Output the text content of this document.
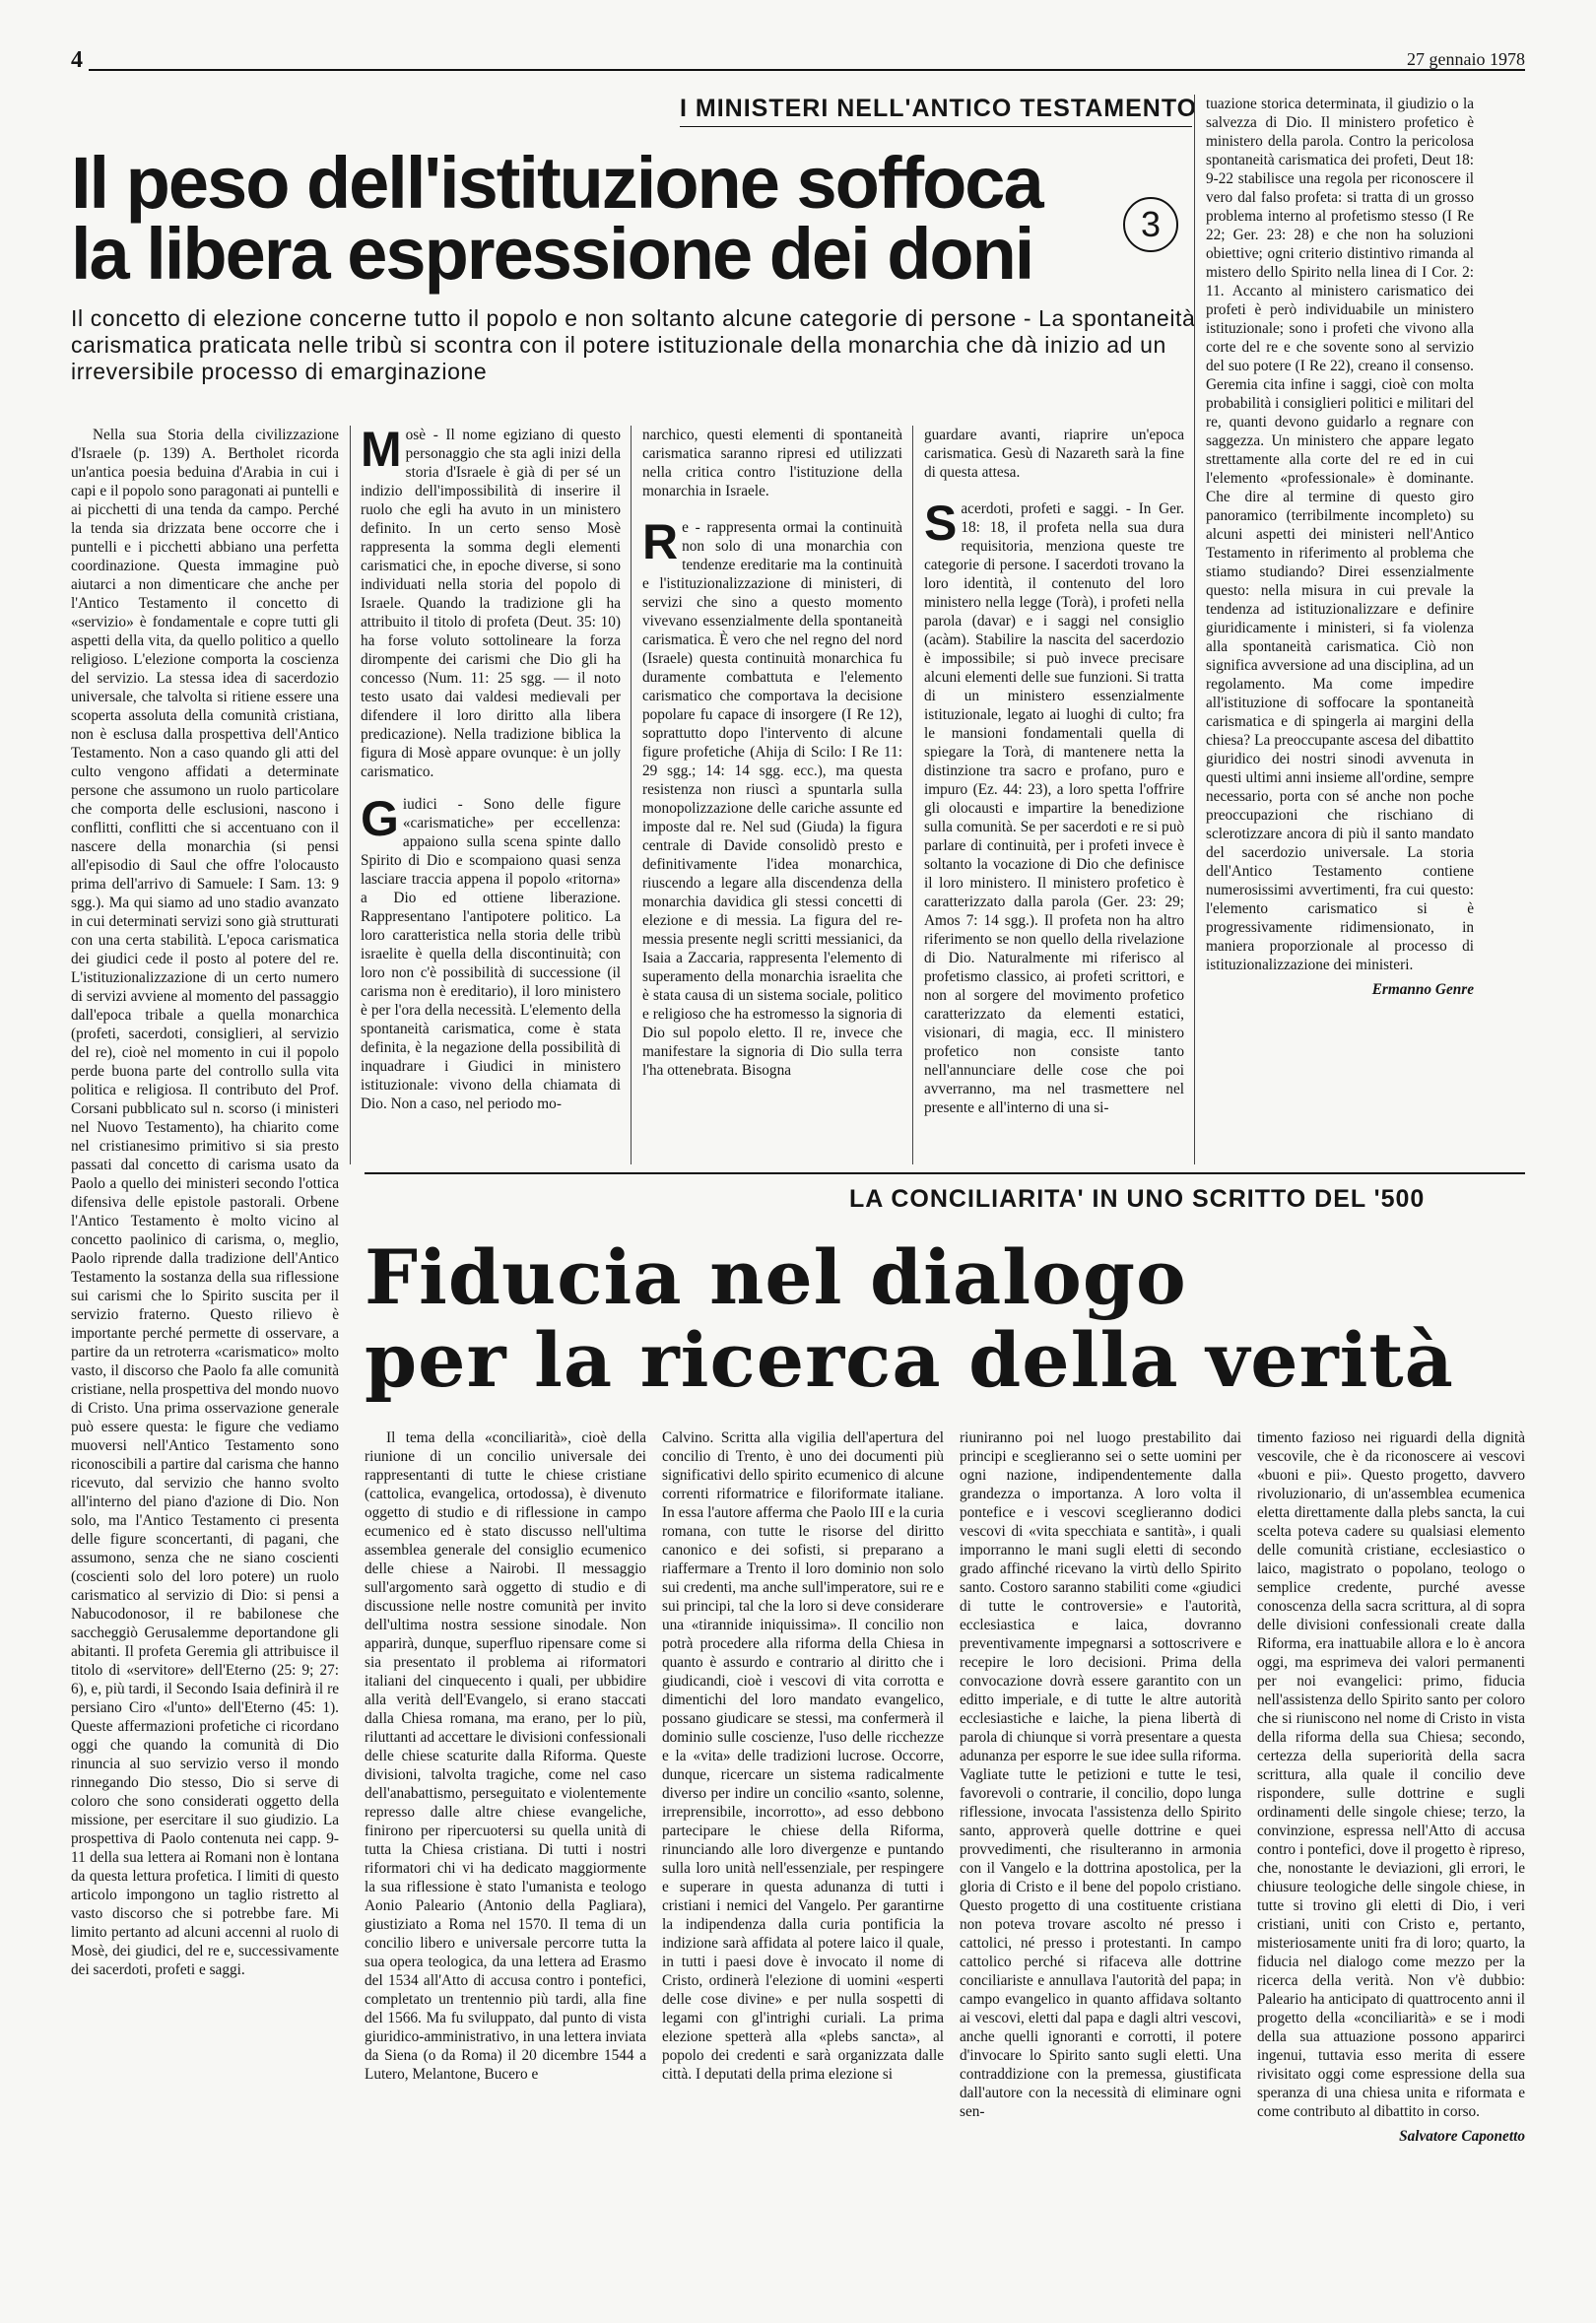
4	27 gennaio 1978
I MINISTERI NELL'ANTICO TESTAMENTO
Il peso dell'istituzione soffoca
la libera espressione dei doni	3
Il concetto di elezione concerne tutto il popolo e non soltanto alcune categorie di persone - La spontaneità carismatica praticata nelle tribù si scontra con il potere istituzionale della monarchia che dà inizio ad un irreversibile processo di emarginazione

Nella sua Storia della civilizzazione d'Israele (p. 139) A. Bertholet ricorda un'antica poesia beduina d'Arabia in cui i capi e il popolo sono paragonati ai puntelli e ai picchetti di una tenda da campo. Perché la tenda sia drizzata bene occorre che i puntelli e i picchetti abbiano una perfetta coordinazione. Questa immagine può aiutarci a non dimenticare che anche per l'Antico Testamento il concetto di «servizio» è fondamentale e copre tutti gli aspetti della vita, da quello politico a quello religioso. L'elezione comporta la coscienza del servizio. La stessa idea di sacerdozio universale, che talvolta si ritiene essere una scoperta assoluta della comunità cristiana, non è esclusa dalla prospettiva dell'Antico Testamento. Non a caso quando gli atti del culto vengono affidati a determinate persone che assumono un ruolo particolare che comporta delle esclusioni, nascono i conflitti, conflitti che si accentuano con il nascere della monarchia (si pensi all'episodio di Saul che offre l'olocausto prima dell'arrivo di Samuele: I Sam. 13: 9 sgg.). Ma qui siamo ad uno stadio avanzato in cui determinati servizi sono già strutturati con una certa stabilità. L'epoca carismatica dei giudici cede il posto al potere del re. L'istituzionalizzazione di un certo numero di servizi avviene al momento del passaggio dall'epoca tribale a quella monarchica (profeti, sacerdoti, consiglieri, al servizio del re), cioè nel momento in cui il popolo perde buona parte del controllo sulla vita politica e religiosa. Il contributo del Prof. Corsani pubblicato sul n. scorso (i ministeri nel Nuovo Testamento), ha chiarito come nel cristianesimo primitivo si sia presto passati dal concetto di carisma usato da Paolo a quello dei ministeri secondo l'ottica difensiva delle epistole pastorali. Orbene l'Antico Testamento è molto vicino al concetto paolinico di carisma, o, meglio, Paolo riprende dalla tradizione dell'Antico Testamento la sostanza della sua riflessione sui carismi che lo Spirito suscita per il servizio fraterno. Questo rilievo è importante perché permette di osservare, a partire da un retroterra «carismatico» molto vasto, il discorso che Paolo fa alle comunità cristiane, nella prospettiva del mondo nuovo di Cristo. Una prima osservazione generale può essere questa: le figure che vediamo muoversi nell'Antico Testamento sono riconoscibili a partire dal carisma che hanno ricevuto, dal servizio che hanno svolto all'interno del piano d'azione di Dio. Non solo, ma l'Antico Testamento ci presenta delle figure sconcertanti, di pagani, che assumono, senza che ne siano coscienti (coscienti solo del loro potere) un ruolo carismatico al servizio di Dio: si pensi a Nabucodonosor, il re babilonese che saccheggiò Gerusalemme deportandone gli abitanti. Il profeta Geremia gli attribuisce il titolo di «servitore» dell'Eterno (25: 9; 27: 6), e, più tardi, il Secondo Isaia definirà il re persiano Ciro «l'unto» dell'Eterno (45: 1). Queste affermazioni profetiche ci ricordano oggi che quando la comunità di Dio rinuncia al suo servizio verso il mondo rinnegando Dio stesso, Dio si serve di coloro che sono considerati oggetto della missione, per esercitare il suo giudizio. La prospettiva di Paolo contenuta nei capp. 9-11 della sua lettera ai Romani non è lontana da questa lettura profetica. I limiti di questo articolo impongono un taglio ristretto al vasto discorso che si potrebbe fare. Mi limito pertanto ad alcuni accenni al ruolo di Mosè, dei giudici, del re e, successivamente dei sacerdoti, profeti e saggi.

Mosè - Il nome egiziano di questo personaggio che sta agli inizi della storia d'Israele è già di per sé un indizio dell'impossibilità di inserire il ruolo che egli ha avuto in un ministero definito. In un certo senso Mosè rappresenta la somma degli elementi carismatici che, in epoche diverse, si sono individuati nella storia del popolo di Israele. Quando la tradizione gli ha attribuito il titolo di profeta (Deut. 35: 10) ha forse voluto sottolineare la forza dirompente dei carismi che Dio gli ha concesso (Num. 11: 25 sgg. — il noto testo usato dai valdesi medievali per difendere il loro diritto alla libera predicazione). Nella tradizione biblica la figura di Mosè appare ovunque: è un jolly carismatico.
G iudici - Sono delle figure «carismatiche» per eccellenza: appaiono sulla scena spinte dallo Spirito di Dio e scompaiono quasi senza lasciare traccia appena il popolo «ritorna» a Dio ed ottiene liberazione. Rappresentano l'antipotere politico. La loro caratteristica nella storia delle tribù israelite è quella della discontinuità; con loro non c'è possibilità di successione (il carisma non è ereditario), il loro ministero è per l'ora della necessità. L'elemento della spontaneità carismatica, come è stata definita, è la negazione della possibilità di inquadrare i Giudici in ministero istituzionale: vivono della chiamata di Dio. Non a caso, nel periodo mo-

narchico, questi elementi di spontaneità carismatica saranno ripresi ed utilizzati nella critica contro l'istituzione della monarchia in Israele.

R e - rappresenta ormai la continuità non solo di una monarchia con tendenze ereditarie ma la continuità e l'istituzionalizzazione di ministeri, di servizi che sino a questo momento vivevano essenzialmente della spontaneità carismatica. È vero che nel regno del nord (Israele) questa continuità monarchica fu duramente combattuta e l'elemento carismatico che comportava la decisione popolare fu capace di insorgere (I Re 12), soprattutto dopo l'intervento di alcune figure profetiche (Ahija di Scilo: I Re 11: 29 sgg.; 14: 14 sgg. ecc.), ma questa resistenza non riuscì a spuntarla sulla monopolizzazione delle cariche assunte ed imposte dal re. Nel sud (Giuda) la figura centrale di Davide consolidò presto e definitivamente l'idea monarchica, riuscendo a legare alla discendenza della monarchia davidica gli stessi concetti di elezione e di messia. La figura del re-messia presente negli scritti messianici, da Isaia a Zaccaria, rappresenta l'elemento di superamento della monarchia israelita che è stata causa di un sistema sociale, politico e religioso che ha estromesso la signoria di Dio sul popolo eletto. Il re, invece che manifestare la signoria di Dio sulla terra l'ha ottenebrata. Bisogna

guardare avanti, riaprire un'epoca carismatica. Gesù di Nazareth sarà la fine di questa attesa.

S acerdoti, profeti e saggi. - In Ger. 18: 18, il profeta nella sua dura requisitoria, menziona queste tre categorie di persone. I sacerdoti trovano la loro identità, il contenuto del loro ministero nella legge (Torà), i profeti nella parola (davar) e i saggi nel consiglio (acàm). Stabilire la nascita del sacerdozio è impossibile; si può invece precisare alcuni elementi delle sue funzioni. Si tratta di un ministero essenzialmente istituzionale, legato ai luoghi di culto; fra le mansioni fondamentali quella di spiegare la Torà, di mantenere netta la distinzione tra sacro e profano, puro e impuro (Ez. 44: 23), a loro spetta l'offrire gli olocausti e impartire la benedizione sulla comunità. Se per sacerdoti e re si può parlare di continuità, per i profeti invece è soltanto la vocazione di Dio che definisce il loro ministero. Il ministero profetico è caratterizzato dalla parola (Ger. 23: 29; Amos 7: 14 sgg.). Il profeta non ha altro riferimento se non quello della rivelazione di Dio. Naturalmente mi riferisco al profetismo classico, ai profeti scrittori, e non al sorgere del movimento profetico caratterizzato da elementi estatici, visionari, di magia, ecc. Il ministero profetico non consiste tanto nell'annunciare delle cose che poi avverranno, ma nel trasmettere nel presente e all'interno di una si-

tuazione storica determinata, il giudizio o la salvezza di Dio. Il ministero profetico è ministero della parola. Contro la pericolosa spontaneità carismatica dei profeti, Deut 18: 9-22 stabilisce una regola per riconoscere il vero dal falso profeta: si tratta di un grosso problema interno al profetismo stesso (I Re 22; Ger. 23: 28) e che non ha soluzioni obiettive; ogni criterio distintivo rimanda al mistero dello Spirito nella linea di I Cor. 2: 11. Accanto al ministero carismatico dei profeti è però individuabile un ministero istituzionale; sono i profeti che vivono alla corte del re e che sovente sono al servizio del suo potere (I Re 22), creano il consenso. Geremia cita infine i saggi, cioè con molta probabilità i consiglieri politici e militari del re, quanti devono guidarlo a regnare con saggezza. Un ministero che appare legato strettamente alla corte del re ed in cui l'elemento «professionale» è dominante. Che dire al termine di questo giro panoramico (terribilmente incompleto) su alcuni aspetti dei ministeri nell'Antico Testamento in riferimento al problema che stiamo studiando? Direi essenzialmente questo: nella misura in cui prevale la tendenza ad istituzionalizzare e definire giuridicamente i ministeri, si fa violenza alla spontaneità carismatica. Ciò non significa avversione ad una disciplina, ad un regolamento. Ma come impedire all'istituzione di soffocare la spontaneità carismatica e di spingerla ai margini della chiesa? La preoccupante ascesa del dibattito giuridico dei nostri sinodi avvenuta in questi ultimi anni insieme all'ordine, sempre necessario, porta con sé anche non poche preoccupazioni che rischiano di sclerotizzare ancora di più il santo mandato del sacerdozio universale. La storia dell'Antico Testamento contiene numerosissimi avvertimenti, fra cui questo: l'elemento carismatico si è progressivamente ridimensionato, in maniera proporzionale al processo di istituzionalizzazione dei ministeri.

Ermanno Genre
LA CONCILIARITA' IN UNO SCRITTO DEL '500
Fiducia nel dialogo
per la ricerca della verità

Il tema della «conciliarità», cioè della riunione di un concilio universale dei rappresentanti di tutte le chiese cristiane (cattolica, evangelica, ortodossa), è divenuto oggetto di studio e di riflessione in campo ecumenico ed è stato discusso nell'ultima assemblea generale del consiglio ecumenico delle chiese a Nairobi. Il messaggio sull'argomento sarà oggetto di studio e di discussione nelle nostre comunità per invito dell'ultima nostra sessione sinodale. Non apparirà, dunque, superfluo ripensare come si sia presentato il problema ai riformatori italiani del cinquecento i quali, per ubbidire alla verità dell'Evangelo, si erano staccati dalla Chiesa romana, ma erano, per lo più, riluttanti ad accettare le divisioni confessionali delle chiese scaturite dalla Riforma. Queste divisioni, talvolta tragiche, come nel caso dell'anabattismo, perseguitato e violentemente represso dalle altre chiese evangeliche, finirono per ripercuotersi su quella unità di tutta la Chiesa cristiana. Di tutti i nostri riformatori chi vi ha dedicato maggiormente la sua riflessione è stato l'umanista e teologo Aonio Paleario (Antonio della Pagliara), giustiziato a Roma nel 1570. Il tema di un concilio libero e universale percorre tutta la sua opera teologica, da una lettera ad Erasmo del 1534 all'Atto di accusa contro i pontefici, completato un trentennio più tardi, alla fine del 1566. Ma fu sviluppato, dal punto di vista giuridico-amministrativo, in una lettera inviata da Siena (o da Roma) il 20 dicembre 1544 a Lutero, Melantone, Bucero e

Calvino. Scritta alla vigilia dell'apertura del concilio di Trento, è uno dei documenti più significativi dello spirito ecumenico di alcune correnti riformatrice e filoriformate italiane. In essa l'autore afferma che Paolo III e la curia romana, con tutte le risorse del diritto canonico e dei sofisti, si preparano a riaffermare a Trento il loro dominio non solo sui credenti, ma anche sull'imperatore, sui re e sui principi, tal che la loro si deve considerare una «tirannide iniquissima». Il concilio non potrà procedere alla riforma della Chiesa in quanto è assurdo e contrario al diritto che i giudicandi, cioè i vescovi di vita corrotta e dimentichi del loro mandato evangelico, possano giudicare se stessi, ma confermerà il dominio sulle coscienze, l'uso delle ricchezze e la «vita» delle tradizioni lucrose. Occorre, dunque, ricercare un sistema radicalmente diverso per indire un concilio «santo, solenne, irreprensibile, incorrotto», ad esso debbono partecipare le chiese della Riforma, rinunciando alle loro divergenze e puntando sulla loro unità nell'essenziale, per respingere e superare in questa adunanza di tutti i cristiani i nemici del Vangelo. Per garantirne la indipendenza dalla curia pontificia la indizione sarà affidata al potere laico il quale, in tutti i paesi dove è invocato il nome di Cristo, ordinerà l'elezione di uomini «esperti delle cose divine» e per nulla sospetti di legami con gl'intrighi curiali. La prima elezione spetterà alla «plebs sancta», al popolo dei credenti e sarà organizzata dalle città. I deputati della prima elezione si

riuniranno poi nel luogo prestabilito dai principi e sceglieranno sei o sette uomini per ogni nazione, indipendentemente dalla grandezza o importanza. A loro volta il pontefice e i vescovi sceglieranno dodici vescovi di «vita specchiata e santità», i quali imporranno le mani sugli eletti di secondo grado affinché ricevano la virtù dello Spirito santo. Costoro saranno stabiliti come «giudici di tutte le controversie» e l'autorità, ecclesiastica e laica, dovranno preventivamente impegnarsi a sottoscrivere e recepire le loro decisioni. Prima della convocazione dovrà essere garantito con un editto imperiale, e di tutte le altre autorità ecclesiastiche e laiche, la piena libertà di parola di chiunque si vorrà presentare a questa adunanza per esporre le sue idee sulla riforma. Vagliate tutte le petizioni e tutte le tesi, favorevoli o contrarie, il concilio, dopo lunga riflessione, invocata l'assistenza dello Spirito santo, approverà quelle dottrine e quei provvedimenti, che risulteranno in armonia con il Vangelo e la dottrina apostolica, per la gloria di Cristo e il bene del popolo cristiano. Questo progetto di una costituente cristiana non poteva trovare ascolto né presso i cattolici, né presso i protestanti. In campo cattolico perché si rifaceva alle dottrine conciliariste e annullava l'autorità del papa; in campo evangelico in quanto affidava soltanto ai vescovi, eletti dal papa e dagli altri vescovi, anche quelli ignoranti e corrotti, il potere d'invocare lo Spirito santo sugli eletti. Una contraddizione con la premessa, giustificata dall'autore con la necessità di eliminare ogni sen-

timento fazioso nei riguardi della dignità vescovile, che è da riconoscere ai vescovi «buoni e pii». Questo progetto, davvero rivoluzionario, di un'assemblea ecumenica eletta direttamente dalla plebs sancta, la cui scelta poteva cadere su qualsiasi elemento delle comunità cristiane, ecclesiastico o laico, magistrato o popolano, teologo o semplice credente, purché avesse conoscenza della sacra scrittura, al di sopra delle divisioni confessionali create dalla Riforma, era inattuabile allora e lo è ancora oggi, ma esprimeva dei valori permanenti per noi evangelici: primo, fiducia nell'assistenza dello Spirito santo per coloro che si riuniscono nel nome di Cristo in vista della riforma della sua Chiesa; secondo, certezza della superiorità della sacra scrittura, alla quale il concilio deve rispondere, sulle dottrine e sugli ordinamenti delle singole chiese; terzo, la convinzione, espressa nell'Atto di accusa contro i pontefici, dove il progetto è ripreso, che, nonostante le deviazioni, gli errori, le chiusure teologiche delle singole chiese, in tutte si trovino gli eletti di Dio, i veri cristiani, uniti con Cristo e, pertanto, misteriosamente uniti fra di loro; quarto, la fiducia nel dialogo come mezzo per la ricerca della verità. Non v'è dubbio: Paleario ha anticipato di quattrocento anni il progetto della «conciliarità» e se i modi della sua attuazione possono apparirci ingenui, tuttavia esso merita di essere rivisitato oggi come espressione della sua speranza di una chiesa unita e riformata e come contributo al dibattito in corso.

Salvatore Caponetto
